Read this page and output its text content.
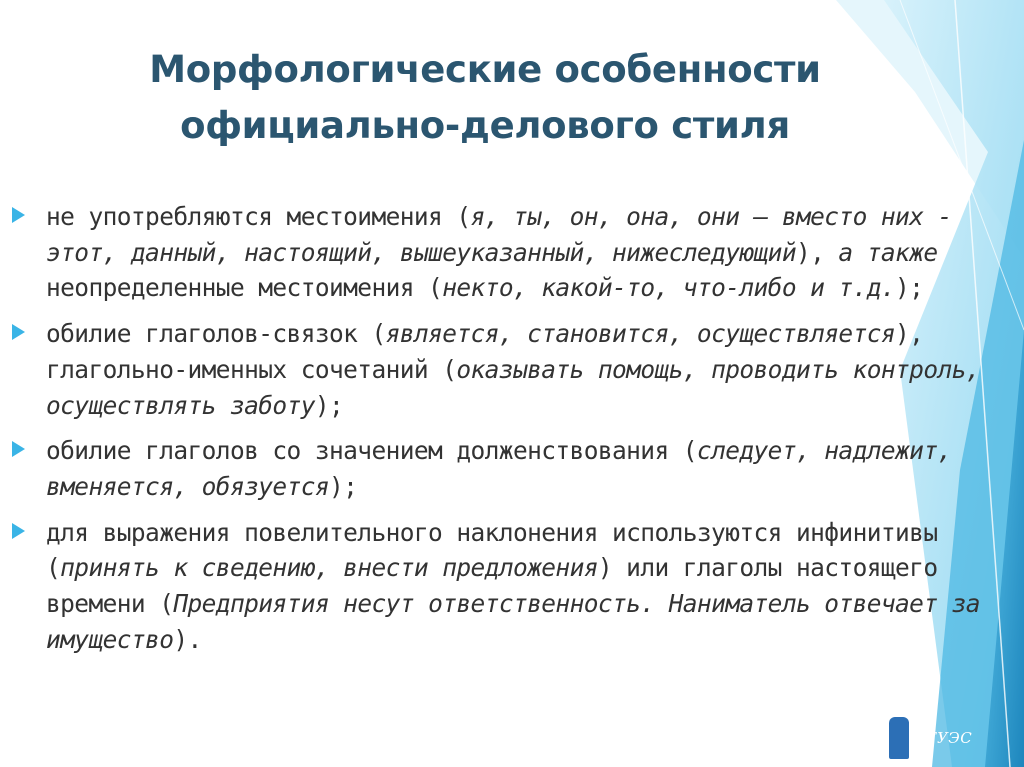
Морфологические особенности
официально-делового стиля

не употребляются местоимения (я, ты, он, она, они – вместо них - этот, данный, настоящий, вышеуказанный, нижеследующий), а также неопределенные местоимения (некто, какой-то, что-либо и т.д.);

обилие глаголов-связок (является, становится, осуществляется), глагольно-именных сочетаний (оказывать помощь, проводить контроль, осуществлять заботу);

обилие глаголов со значением долженствования (следует, надлежит, вменяется, обязуется);

для выражения повелительного наклонения используются инфинитивы (принять к сведению, внести предложения) или глаголы настоящего времени (Предприятия несут ответственность. Наниматель отвечает за имущество).

ВГУЭС
